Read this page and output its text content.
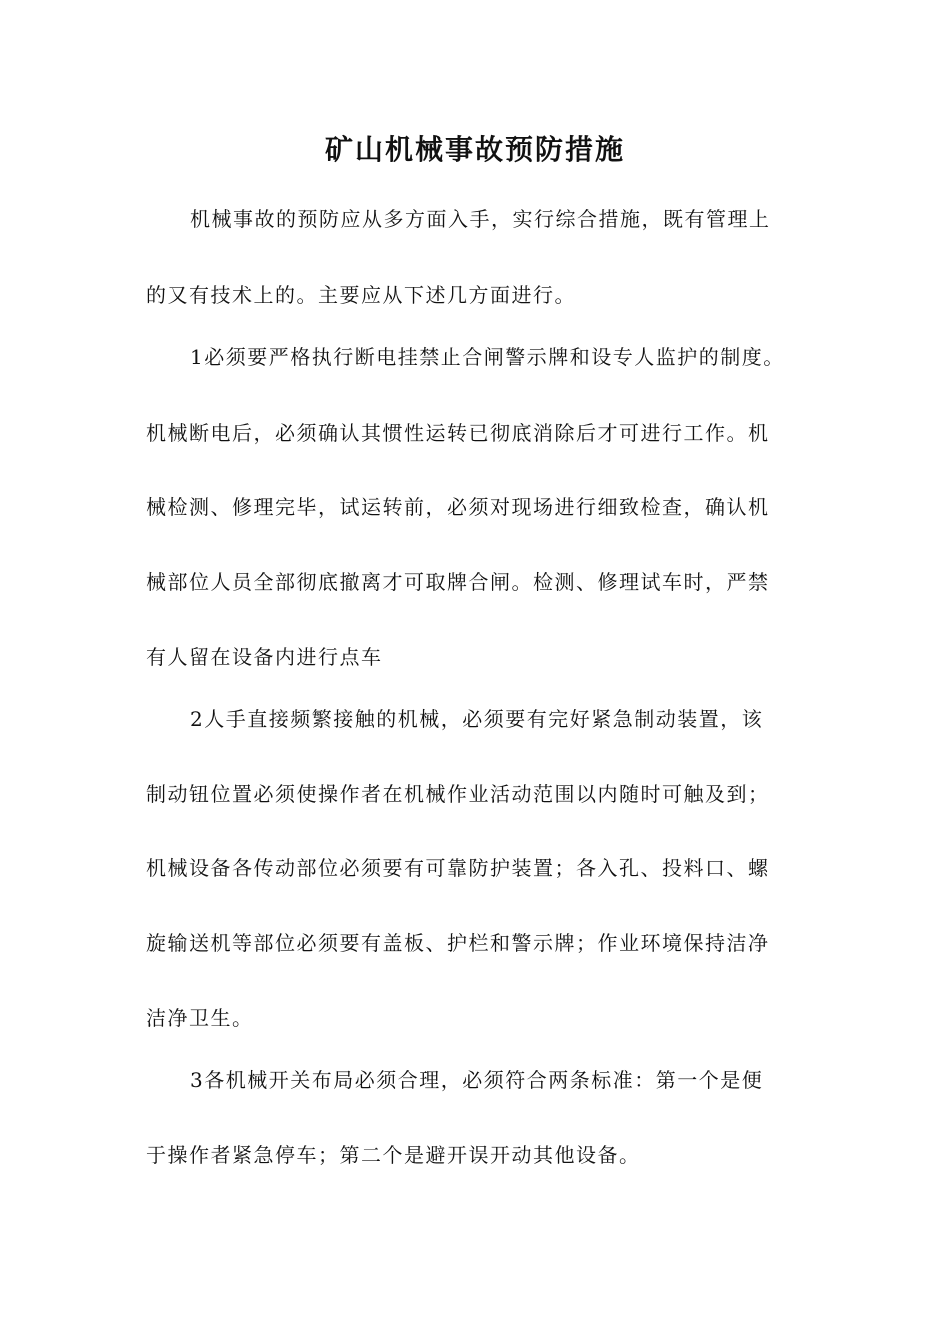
矿山机械事故预防措施

机械事故的预防应从多方面入手，实行综合措施，既有管理上

的又有技术上的。主要应从下述几方面进行。

1必须要严格执行断电挂禁止合闸警示牌和设专人监护的制度。

机械断电后，必须确认其惯性运转已彻底消除后才可进行工作。机

械检测、修理完毕，试运转前，必须对现场进行细致检查，确认机

械部位人员全部彻底撤离才可取牌合闸。检测、修理试车时，严禁

有人留在设备内进行点车

2人手直接频繁接触的机械，必须要有完好紧急制动装置，该

制动钮位置必须使操作者在机械作业活动范围以内随时可触及到；

机械设备各传动部位必须要有可靠防护装置；各入孔、投料口、螺

旋输送机等部位必须要有盖板、护栏和警示牌；作业环境保持洁净

洁净卫生。

3各机械开关布局必须合理，必须符合两条标准：第一个是便

于操作者紧急停车；第二个是避开误开动其他设备。
